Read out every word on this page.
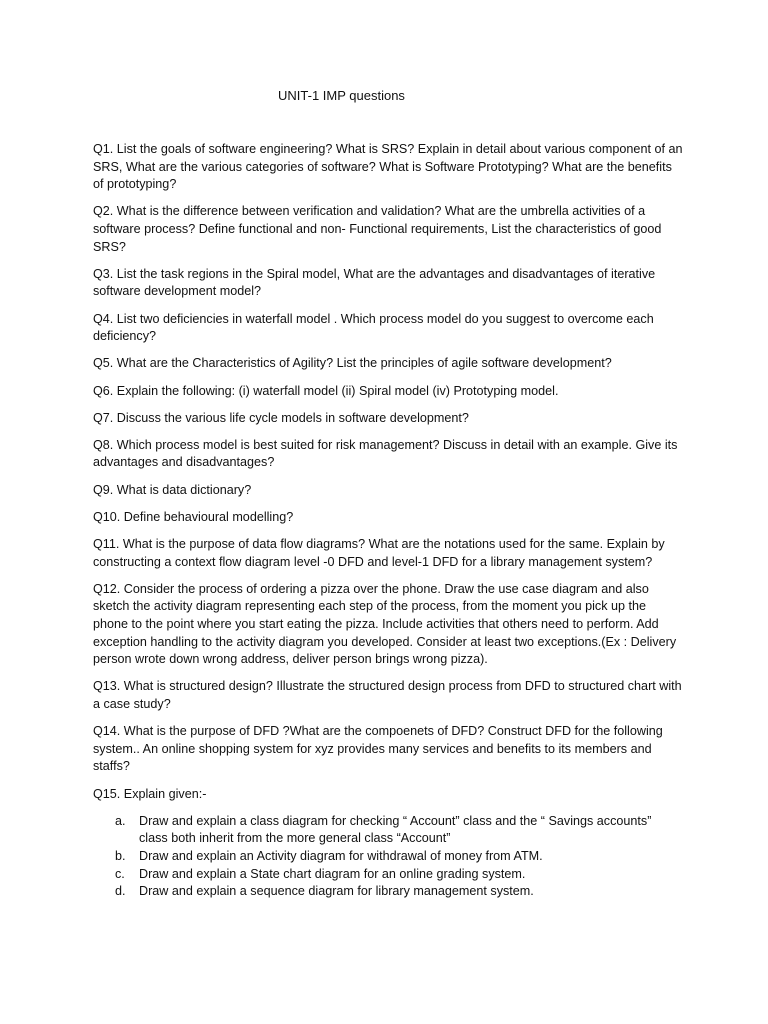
UNIT-1 IMP questions

Q1. List the goals of software engineering? What is SRS? Explain in detail about various component of an SRS, What are the various categories of software? What is Software Prototyping? What are the benefits of prototyping?

Q2. What is the difference between verification and validation? What are the umbrella activities of a software process? Define functional and non- Functional requirements, List the characteristics of good SRS?

Q3. List the task regions in the Spiral model, What are the advantages and disadvantages of iterative software development model?

Q4. List two deficiencies in waterfall model . Which process model do you suggest to overcome each deficiency?

Q5. What are the Characteristics of Agility? List the principles of agile software development?

Q6. Explain the following: (i) waterfall model (ii) Spiral model (iv) Prototyping model.

Q7. Discuss the various life cycle models in software development?

Q8. Which process model is best suited for risk management? Discuss in detail with an example. Give its advantages and disadvantages?

Q9. What is data dictionary?

Q10. Define behavioural modelling?

Q11. What is the purpose of data flow diagrams? What are the notations used for the same. Explain by constructing a context flow diagram level -0 DFD and level-1 DFD for a library management system?

Q12. Consider the process of ordering a pizza over the phone. Draw the use case diagram and also sketch the activity diagram representing each step of the process, from the moment you pick up the phone to the point where you start eating the pizza. Include activities that others need to perform. Add exception handling to the activity diagram you developed. Consider at least two exceptions.(Ex : Delivery person wrote down wrong address, deliver person brings wrong pizza).

Q13. What is structured design? Illustrate the structured design process from DFD to structured chart with a case study?

Q14. What is the purpose of DFD ?What are the compoenets of DFD? Construct DFD for the following system.. An online shopping system for xyz provides many services and benefits to its members and staffs?

Q15. Explain given:-

a. Draw and explain a class diagram for checking “ Account” class and the “ Savings accounts” class both inherit from the more general class “Account”
b. Draw and explain an Activity diagram for withdrawal of money from ATM.
c. Draw and explain a State chart diagram for an online grading system.
d. Draw and explain a sequence diagram for library management system.
